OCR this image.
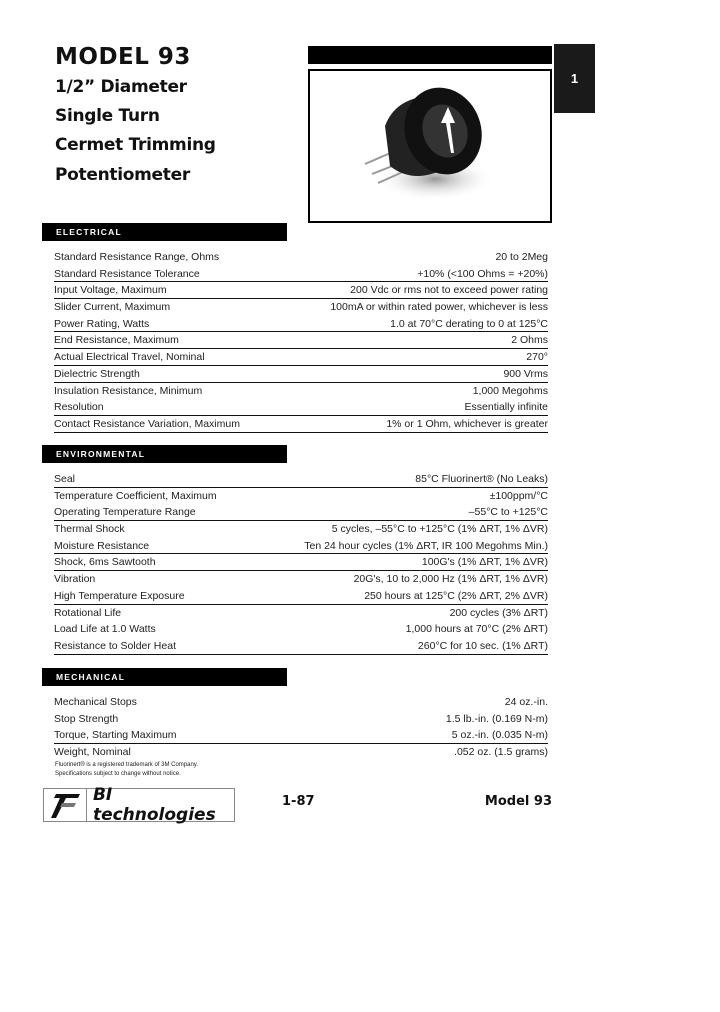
MODEL 93
1/2” Diameter
Single Turn
Cermet Trimming
Potentiometer
1
ELECTRICAL
Standard Resistance Range, Ohms	20 to 2Meg
Standard Resistance Tolerance	+10% (<100 Ohms = +20%)
Input Voltage, Maximum	200 Vdc or rms not to exceed power rating
Slider Current, Maximum	100mA or within rated power, whichever is less
Power Rating, Watts	1.0 at 70°C derating to 0 at 125°C
End Resistance, Maximum	2 Ohms
Actual Electrical Travel, Nominal	270°
Dielectric Strength	900 Vrms
Insulation Resistance, Minimum	1,000 Megohms
Resolution	Essentially infinite
Contact Resistance Variation, Maximum	1% or 1 Ohm, whichever is greater
ENVIRONMENTAL
Seal	85°C Fluorinert® (No Leaks)
Temperature Coefficient, Maximum	±100ppm/°C
Operating Temperature Range	–55°C to +125°C
Thermal Shock	5 cycles, –55°C to +125°C (1% ΔRT, 1% ΔVR)
Moisture Resistance	Ten 24 hour cycles (1% ΔRT, IR 100 Megohms Min.)
Shock, 6ms Sawtooth	100G's (1% ΔRT, 1% ΔVR)
Vibration	20G's, 10 to 2,000 Hz (1% ΔRT, 1% ΔVR)
High Temperature Exposure	250 hours at 125°C (2% ΔRT, 2% ΔVR)
Rotational Life	200 cycles (3% ΔRT)
Load Life at 1.0 Watts	1,000 hours at 70°C (2% ΔRT)
Resistance to Solder Heat	260°C for 10 sec. (1% ΔRT)
MECHANICAL
Mechanical Stops	24 oz.-in.
Stop Strength	1.5 lb.-in. (0.169 N-m)
Torque, Starting Maximum	5 oz.-in. (0.035 N-m)
Weight, Nominal	.052 oz. (1.5 grams)
Fluorinert® is a registered trademark of 3M Company.
Specifications subject to change without notice.
BI technologies
1-87	Model 93
